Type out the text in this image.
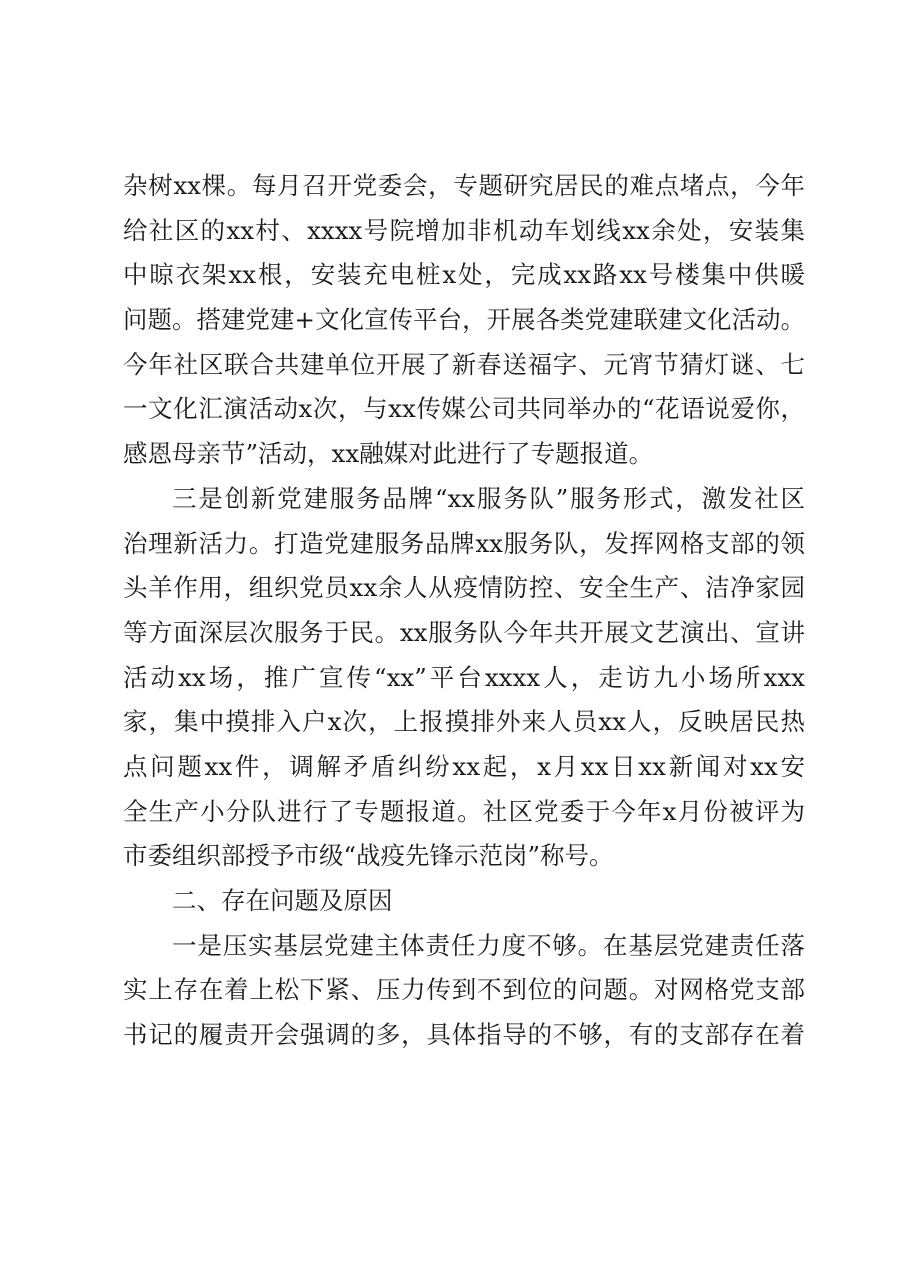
杂树xx棵。每月召开党委会，专题研究居民的难点堵点，今年
给社区的xx村、xxxx号院增加非机动车划线xx余处，安装集
中晾衣架xx根，安装充电桩x处，完成xx路xx号楼集中供暖
问题。搭建党建+文化宣传平台，开展各类党建联建文化活动。
今年社区联合共建单位开展了新春送福字、元宵节猜灯谜、七
一文化汇演活动x次，与xx传媒公司共同举办的“花语说爱你，
感恩母亲节”活动，xx融媒对此进行了专题报道。
三是创新党建服务品牌“xx服务队”服务形式，激发社区
治理新活力。打造党建服务品牌xx服务队，发挥网格支部的领
头羊作用，组织党员xx余人从疫情防控、安全生产、洁净家园
等方面深层次服务于民。xx服务队今年共开展文艺演出、宣讲
活动xx场，推广宣传“xx”平台xxxx人，走访九小场所xxx
家，集中摸排入户x次，上报摸排外来人员xx人，反映居民热
点问题xx件，调解矛盾纠纷xx起，x月xx日xx新闻对xx安
全生产小分队进行了专题报道。社区党委于今年x月份被评为
市委组织部授予市级“战疫先锋示范岗”称号。
二、存在问题及原因
一是压实基层党建主体责任力度不够。在基层党建责任落
实上存在着上松下紧、压力传到不到位的问题。对网格党支部
书记的履责开会强调的多，具体指导的不够，有的支部存在着
